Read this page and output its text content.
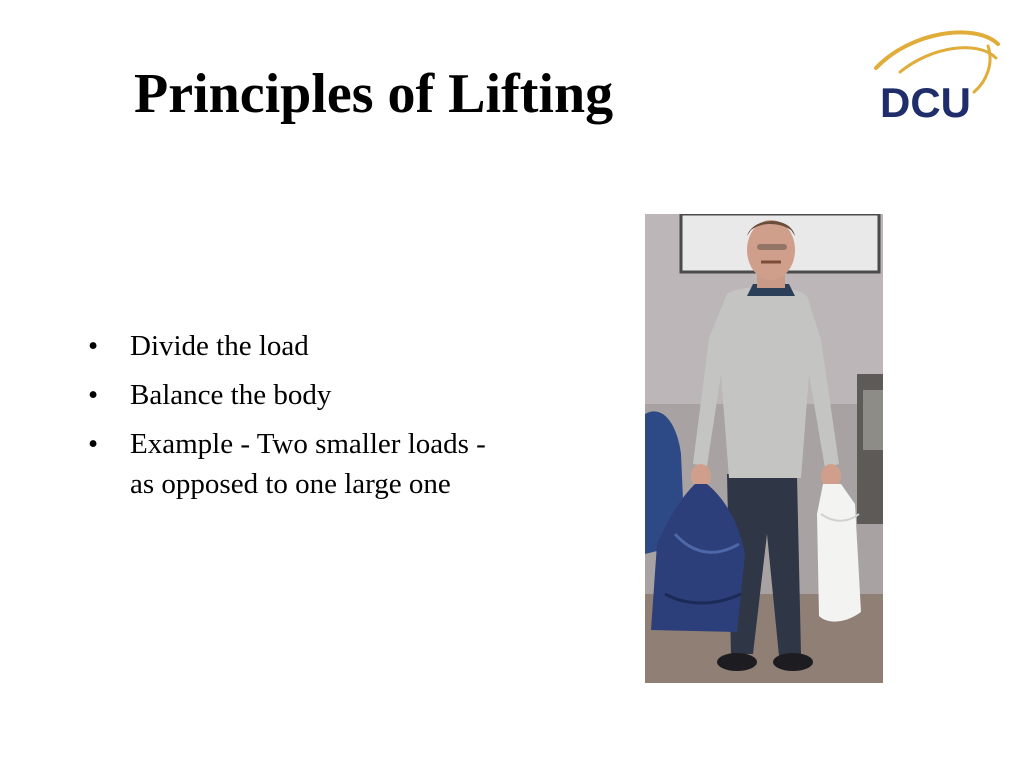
Principles of Lifting	DCU
• Divide the load
• Balance the body
• Example - Two smaller loads - as opposed to one large one
